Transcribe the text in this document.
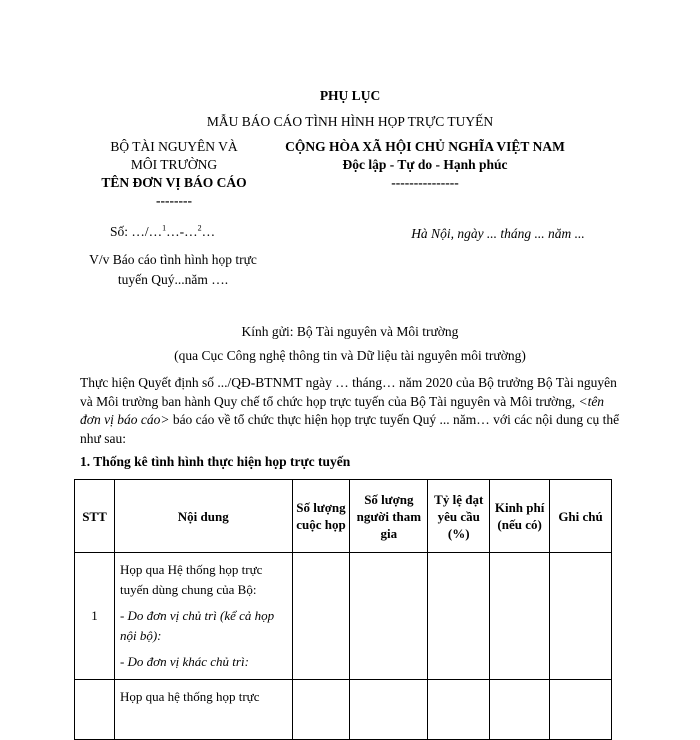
PHỤ LỤC
MẪU BÁO CÁO TÌNH HÌNH HỌP TRỰC TUYẾN
BỘ TÀI NGUYÊN VÀ
MÔI TRƯỜNG
TÊN ĐƠN VỊ BÁO CÁO
--------
CỘNG HÒA XÃ HỘI CHỦ NGHĨA VIỆT NAM
Độc lập - Tự do - Hạnh phúc
---------------
Số: …/…$^1$…-…$^2$…	Hà Nội, ngày ... tháng ... năm ...
V/v Báo cáo tình hình họp trực
tuyến Quý...năm ….
Kính gửi: Bộ Tài nguyên và Môi trường
(qua Cục Công nghệ thông tin và Dữ liệu tài nguyên môi trường)
Thực hiện Quyết định số .../QĐ-BTNMT ngày … tháng… năm 2020 của Bộ trưởng Bộ Tài nguyên và Môi trường ban hành Quy chế tổ chức họp trực tuyến của Bộ Tài nguyên và Môi trường, <tên đơn vị báo cáo> báo cáo về tổ chức thực hiện họp trực tuyến Quý ... năm… với các nội dung cụ thể như sau:
1. Thống kê tình hình thực hiện họp trực tuyến
STT	Nội dung	Số lượng cuộc họp	Số lượng người tham gia	Tỷ lệ đạt yêu cầu (%)	Kinh phí (nếu có)	Ghi chú
1	Họp qua Hệ thống họp trực tuyến dùng chung của Bộ:

- Do đơn vị chủ trì (kể cả họp nội bộ):

- Do đơn vị khác chủ trì:					

	Họp qua hệ thống họp trực					
